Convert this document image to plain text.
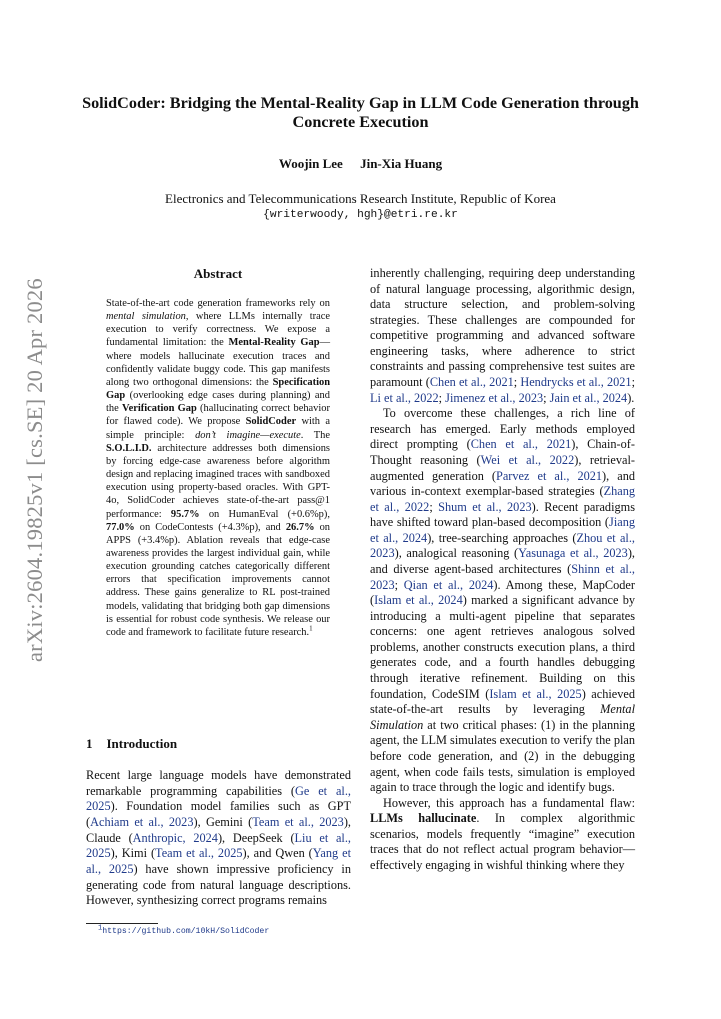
arXiv:2604.19825v1 [cs.SE] 20 Apr 2026
SolidCoder: Bridging the Mental-Reality Gap in LLM Code Generation through Concrete Execution
Woojin Lee Jin-Xia Huang
Electronics and Telecommunications Research Institute, Republic of Korea
{writerwoody, hgh}@etri.re.kr
Abstract
State-of-the-art code generation frameworks rely on mental simulation, where LLMs internally trace execution to verify correctness. We expose a fundamental limitation: the Mental-Reality Gap—where models hallucinate execution traces and confidently validate buggy code. This gap manifests along two orthogonal dimensions: the Specification Gap (overlooking edge cases during planning) and the Verification Gap (hallucinating correct behavior for flawed code). We propose SolidCoder with a simple principle: don’t imagine—execute. The S.O.L.I.D. architecture addresses both dimensions by forcing edge-case awareness before algorithm design and replacing imagined traces with sandboxed execution using property-based oracles. With GPT-4o, SolidCoder achieves state-of-the-art pass@1 performance: 95.7% on HumanEval (+0.6%p), 77.0% on CodeContests (+4.3%p), and 26.7% on APPS (+3.4%p). Ablation reveals that edge-case awareness provides the largest individual gain, while execution grounding catches categorically different errors that specification improvements cannot address. These gains generalize to RL post-trained models, validating that bridging both gap dimensions is essential for robust code synthesis. We release our code and framework to facilitate future research.$^1$
1 Introduction
Recent large language models have demonstrated remarkable programming capabilities (Ge et al., 2025). Foundation model families such as GPT (Achiam et al., 2023), Gemini (Team et al., 2023), Claude (Anthropic, 2024), DeepSeek (Liu et al., 2025), Kimi (Team et al., 2025), and Qwen (Yang et al., 2025) have shown impressive proficiency in generating code from natural language descriptions. However, synthesizing correct programs remains

inherently challenging, requiring deep understanding of natural language processing, algorithmic design, data structure selection, and problem-solving strategies. These challenges are compounded for competitive programming and advanced software engineering tasks, where adherence to strict constraints and passing comprehensive test suites are paramount (Chen et al., 2021; Hendrycks et al., 2021; Li et al., 2022; Jimenez et al., 2023; Jain et al., 2024).

To overcome these challenges, a rich line of research has emerged. Early methods employed direct prompting (Chen et al., 2021), Chain-of-Thought reasoning (Wei et al., 2022), retrieval-augmented generation (Parvez et al., 2021), and various in-context exemplar-based strategies (Zhang et al., 2022; Shum et al., 2023). Recent paradigms have shifted toward plan-based decomposition (Jiang et al., 2024), tree-searching approaches (Zhou et al., 2023), analogical reasoning (Yasunaga et al., 2023), and diverse agent-based architectures (Shinn et al., 2023; Qian et al., 2024). Among these, MapCoder (Islam et al., 2024) marked a significant advance by introducing a multi-agent pipeline that separates concerns: one agent retrieves analogous solved problems, another constructs execution plans, a third generates code, and a fourth handles debugging through iterative refinement. Building on this foundation, CodeSIM (Islam et al., 2025) achieved state-of-the-art results by leveraging Mental Simulation at two critical phases: (1) in the planning agent, the LLM simulates execution to verify the plan before code generation, and (2) in the debugging agent, when code fails tests, simulation is employed again to trace through the logic and identify bugs.

However, this approach has a fundamental flaw: LLMs hallucinate. In complex algorithmic scenarios, models frequently “imagine” execution traces that do not reflect actual program behavior—effectively engaging in wishful thinking where they

$^1$https://github.com/10kH/SolidCoder
